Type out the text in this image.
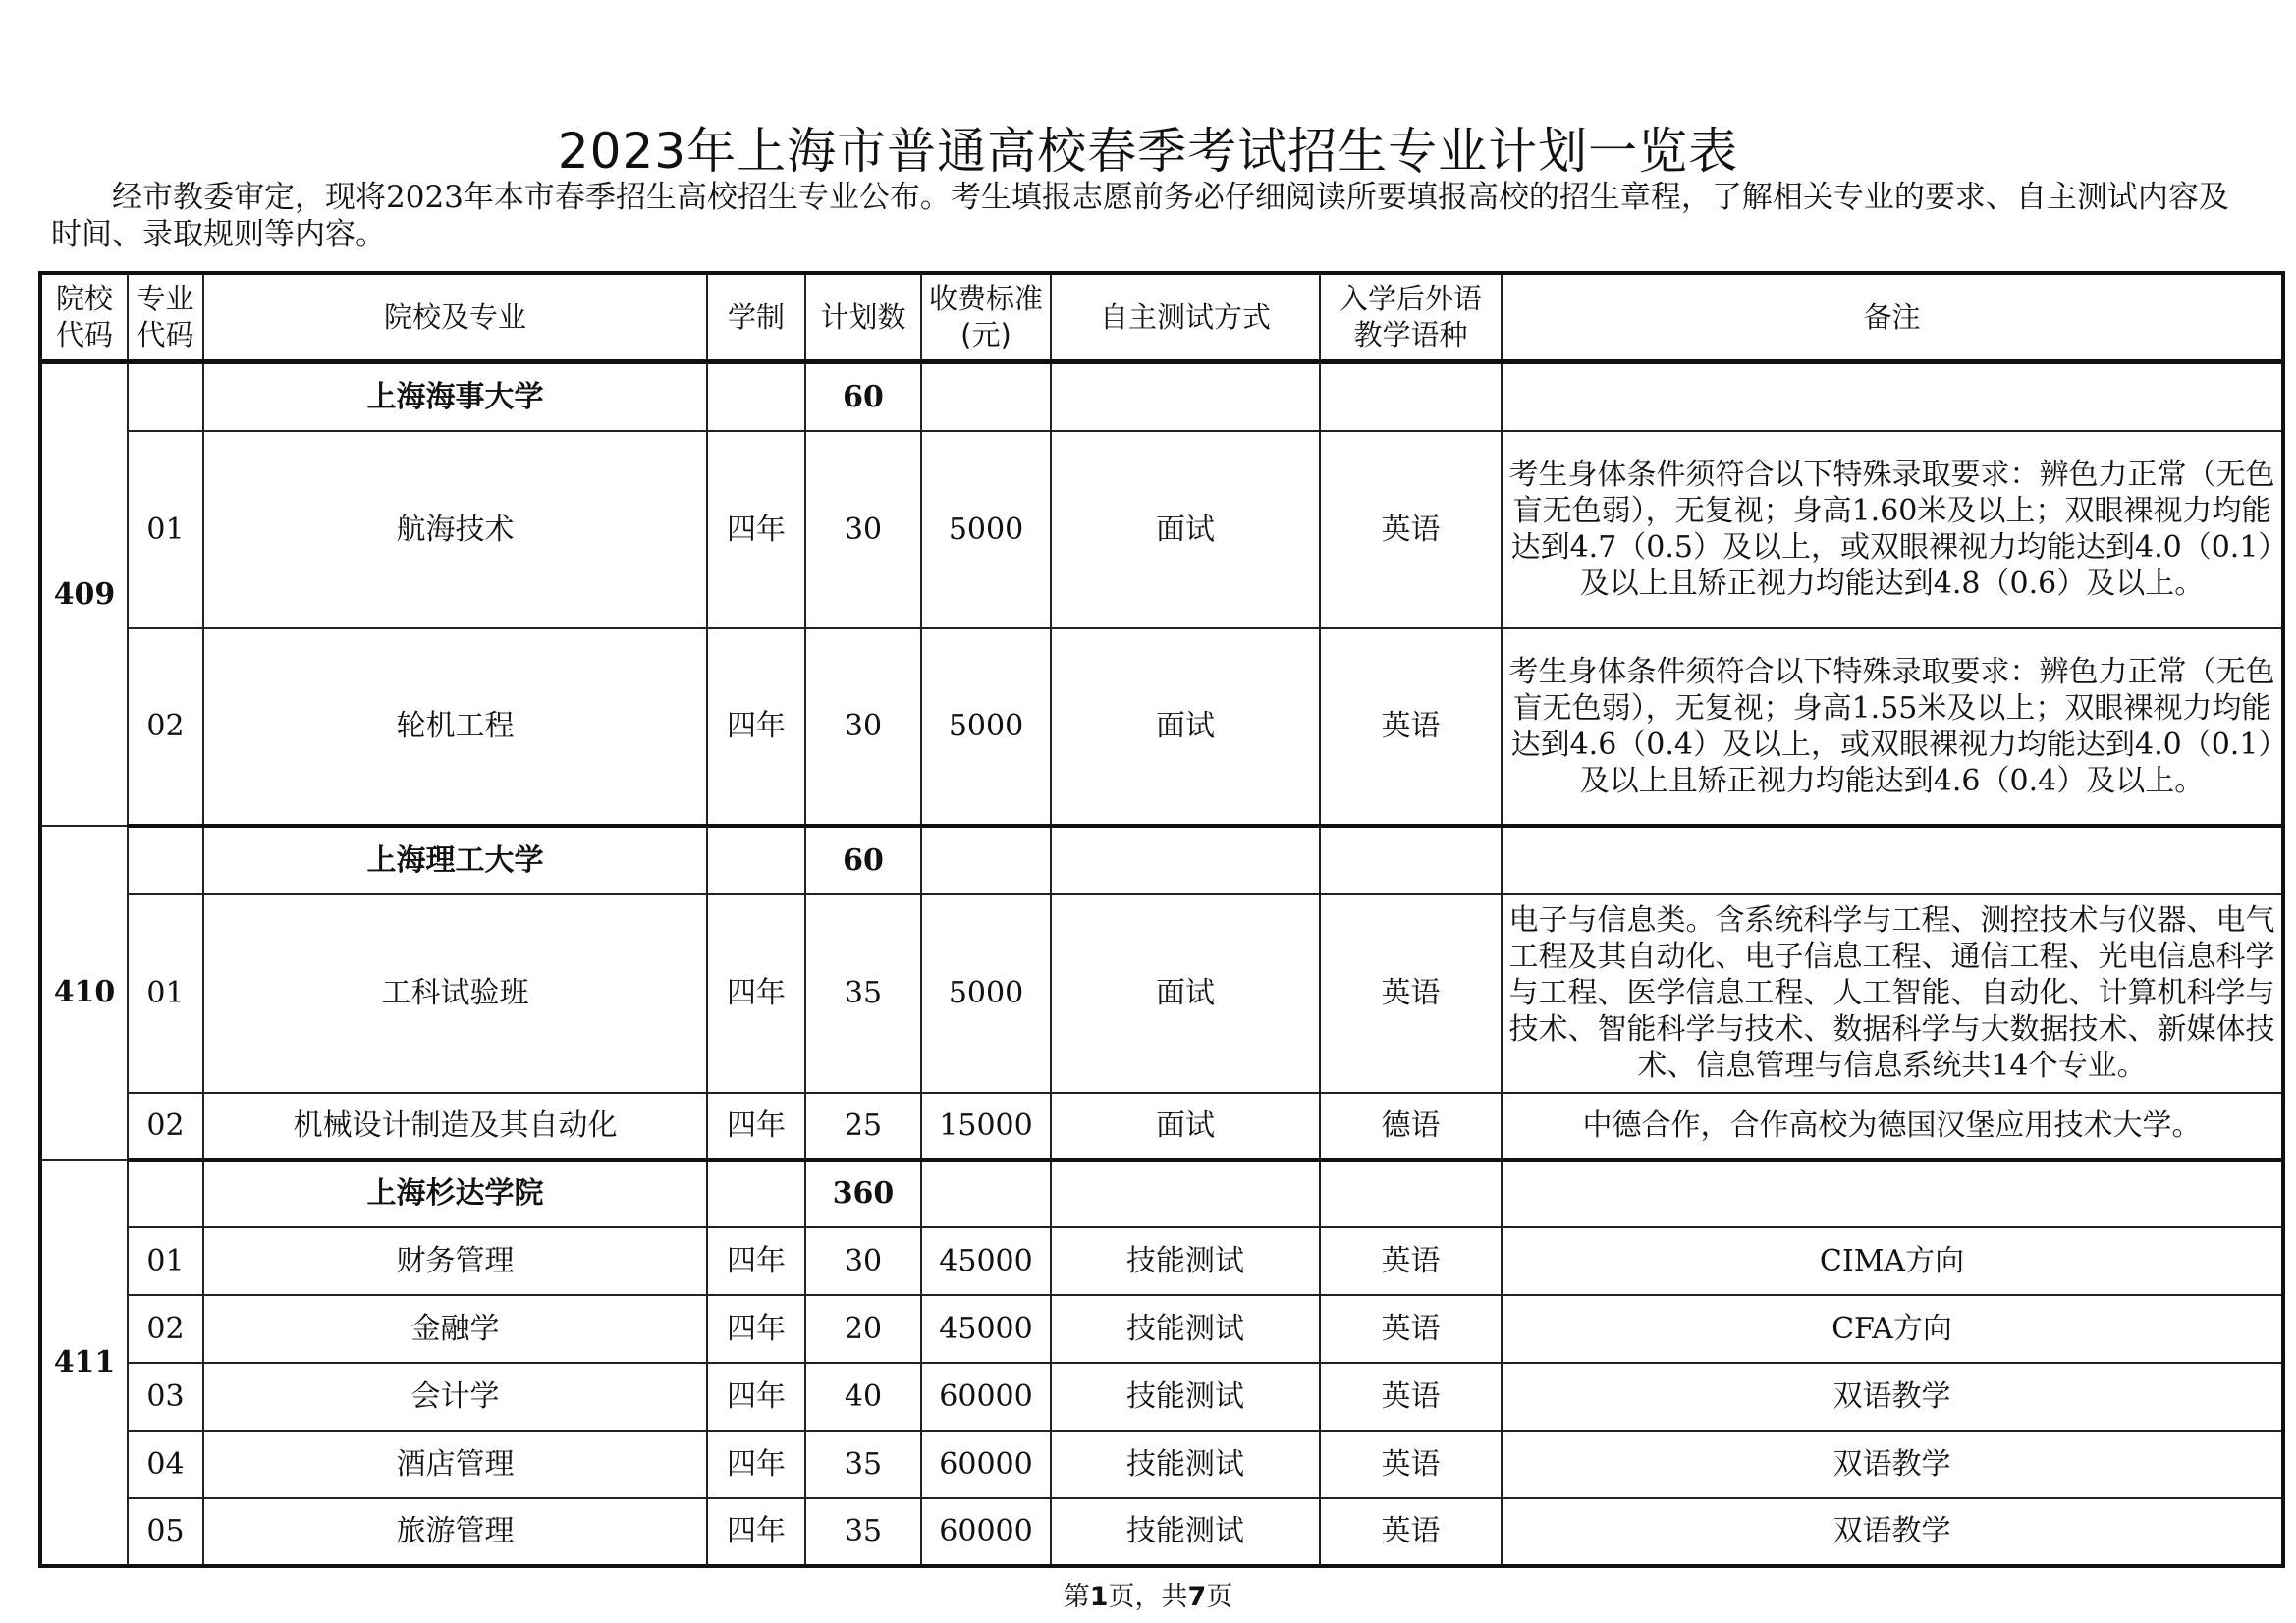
2023年上海市普通高校春季考试招生专业计划一览表

经市教委审定，现将2023年本市春季招生高校招生专业公布。考生填报志愿前务必仔细阅读所要填报高校的招生章程，了解相关专业的要求、自主测试内容及时间、录取规则等内容。

院校代码	专业代码	院校及专业	学制	计划数	收费标准(元)	自主测试方式	入学后外语教学语种	备注
409		上海海事大学		60				
	01	航海技术	四年	30	5000	面试	英语	考生身体条件须符合以下特殊录取要求：辨色力正常（无色盲无色弱），无复视；身高1.60米及以上；双眼裸视力均能达到4.7（0.5）及以上，或双眼裸视力均能达到4.0（0.1）及以上且矫正视力均能达到4.8（0.6）及以上。
	02	轮机工程	四年	30	5000	面试	英语	考生身体条件须符合以下特殊录取要求：辨色力正常（无色盲无色弱），无复视；身高1.55米及以上；双眼裸视力均能达到4.6（0.4）及以上，或双眼裸视力均能达到4.0（0.1）及以上且矫正视力均能达到4.6（0.4）及以上。
410		上海理工大学		60				
	01	工科试验班	四年	35	5000	面试	英语	电子与信息类。含系统科学与工程、测控技术与仪器、电气工程及其自动化、电子信息工程、通信工程、光电信息科学与工程、医学信息工程、人工智能、自动化、计算机科学与技术、智能科学与技术、数据科学与大数据技术、新媒体技术、信息管理与信息系统共14个专业。
	02	机械设计制造及其自动化	四年	25	15000	面试	德语	中德合作，合作高校为德国汉堡应用技术大学。
411		上海杉达学院		360				
	01	财务管理	四年	30	45000	技能测试	英语	CIMA方向
	02	金融学	四年	20	45000	技能测试	英语	CFA方向
	03	会计学	四年	40	60000	技能测试	英语	双语教学
	04	酒店管理	四年	35	60000	技能测试	英语	双语教学
	05	旅游管理	四年	35	60000	技能测试	英语	双语教学
第1页，共7页
